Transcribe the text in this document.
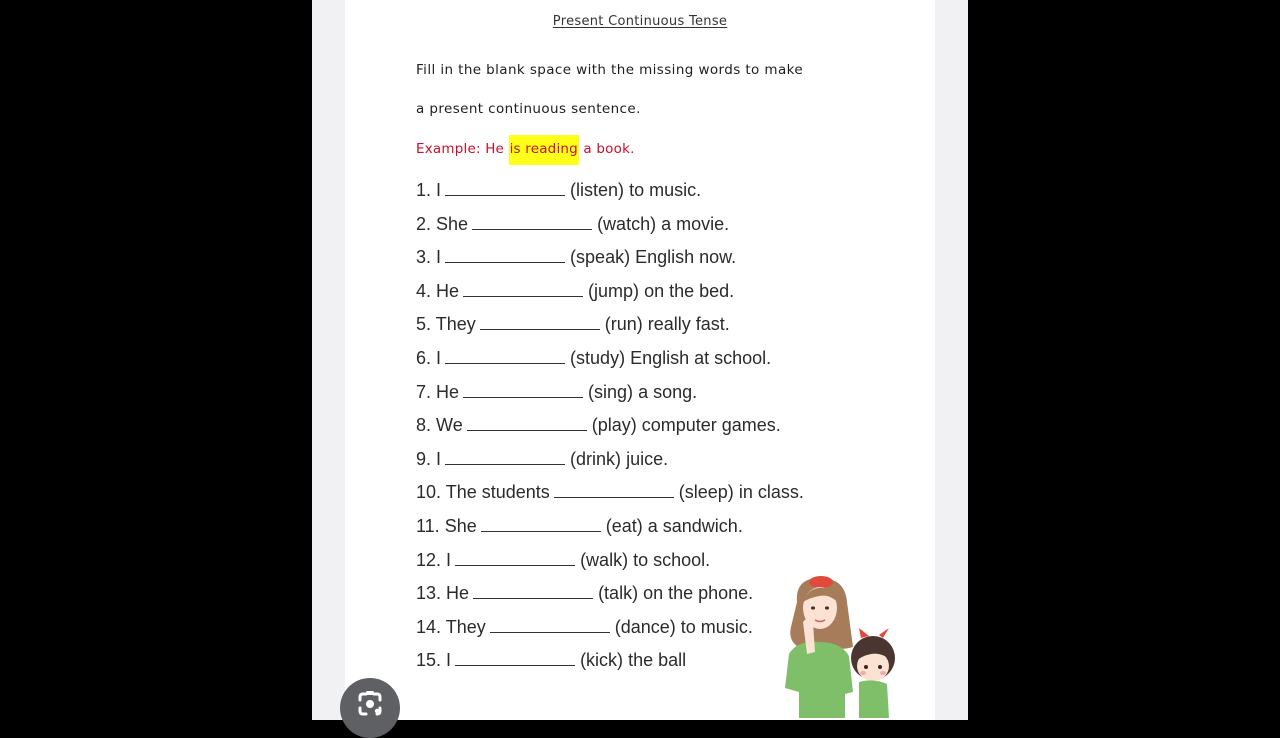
Present Continuous Tense
Fill in the blank space with the missing words to make
a present continuous sentence.
Example: He is reading a book.
1. I	(listen) to music.
2. She	(watch) a movie.
3. I	(speak) English now.
4. He	(jump) on the bed.
5. They	(run) really fast.
6. I	(study) English at school.
7. He	(sing) a song.
8. We	(play) computer games.
9. I	(drink) juice.
10. The students	(sleep) in class.
11. She	(eat) a sandwich.
12. I	(walk) to school.
13. He	(talk) on the phone.
14. They	(dance) to music.
15. I	(kick) the ball
